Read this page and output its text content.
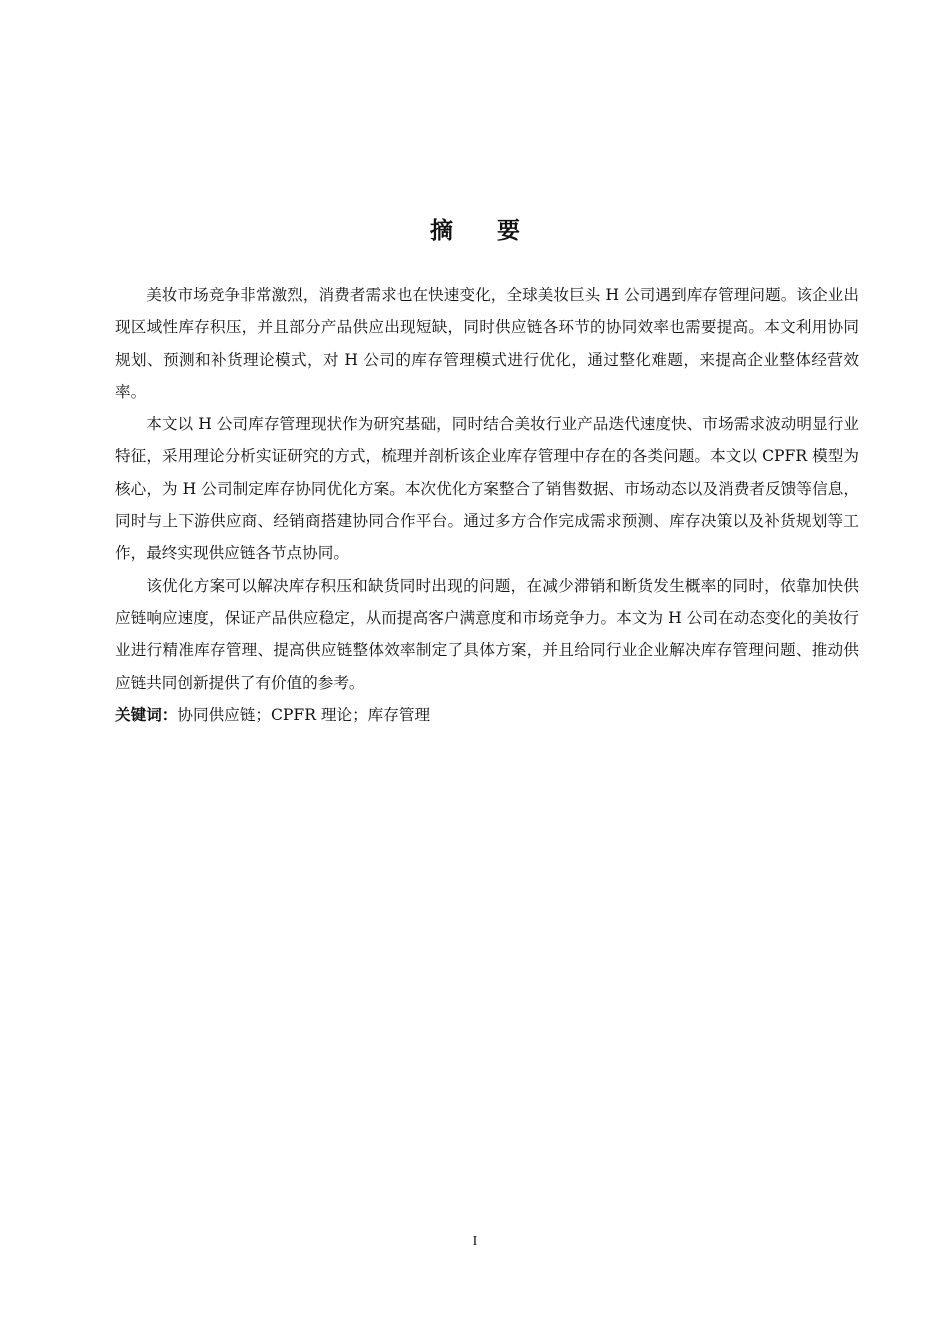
摘 要

美妆市场竞争非常激烈，消费者需求也在快速变化，全球美妆巨头 H 公司遇到库存管理问题。该企业出现区域性库存积压，并且部分产品供应出现短缺，同时供应链各环节的协同效率也需要提高。本文利用协同规划、预测和补货理论模式，对 H 公司的库存管理模式进行优化，通过整化难题，来提高企业整体经营效率。

本文以 H 公司库存管理现状作为研究基础，同时结合美妆行业产品迭代速度快、市场需求波动明显行业特征，采用理论分析实证研究的方式，梳理并剖析该企业库存管理中存在的各类问题。本文以 CPFR 模型为核心，为 H 公司制定库存协同优化方案。本次优化方案整合了销售数据、市场动态以及消费者反馈等信息，同时与上下游供应商、经销商搭建协同合作平台。通过多方合作完成需求预测、库存决策以及补货规划等工作，最终实现供应链各节点协同。

该优化方案可以解决库存积压和缺货同时出现的问题，在减少滞销和断货发生概率的同时，依靠加快供应链响应速度，保证产品供应稳定，从而提高客户满意度和市场竞争力。本文为 H 公司在动态变化的美妆行业进行精准库存管理、提高供应链整体效率制定了具体方案，并且给同行业企业解决库存管理问题、推动供应链共同创新提供了有价值的参考。

关键词：协同供应链；CPFR 理论；库存管理

I
